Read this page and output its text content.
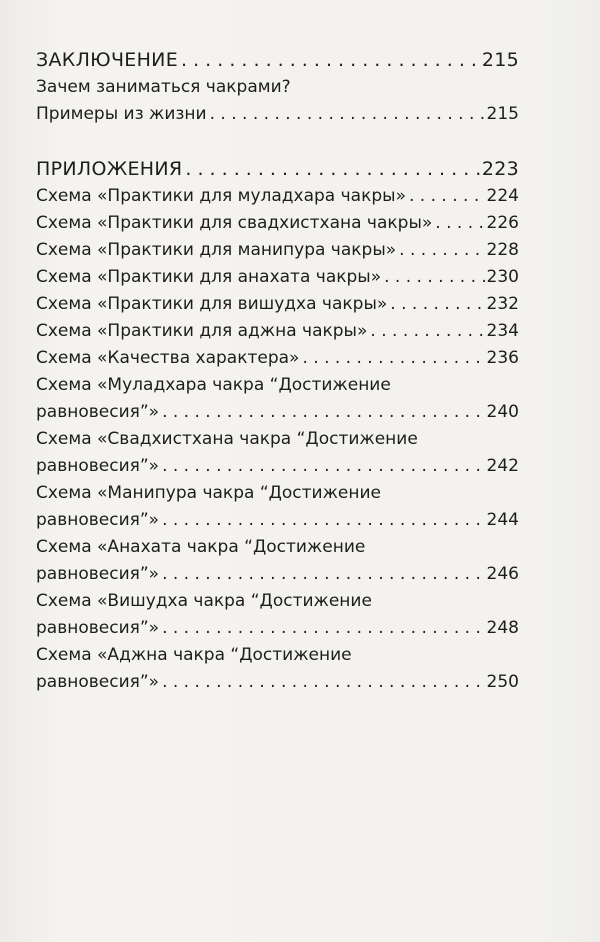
ЗАКЛЮЧЕНИЕ . . .	215
Зачем заниматься чакрами?
Примеры из жизни . . .	215
ПРИЛОЖЕНИЯ . . .	223
Схема «Практики для муладхара чакры» . . .	224
Схема «Практики для свадхистхана чакры» . . .	226
Схема «Практики для манипура чакры» . . .	228
Схема «Практики для анахата чакры» . . .	230
Схема «Практики для вишудха чакры» . . .	232
Схема «Практики для аджна чакры» . . .	234
Схема «Качества характера» . . .	236
Схема «Муладхара чакра “Достижение
равновесия”» . . .	240
Схема «Свадхистхана чакра “Достижение
равновесия”» . . .	242
Схема «Манипура чакра “Достижение
равновесия”» . . .	244
Схема «Анахата чакра “Достижение
равновесия”» . . .	246
Схема «Вишудха чакра “Достижение
равновесия”» . . .	248
Схема «Аджна чакра “Достижение
равновесия”» . . .	250
